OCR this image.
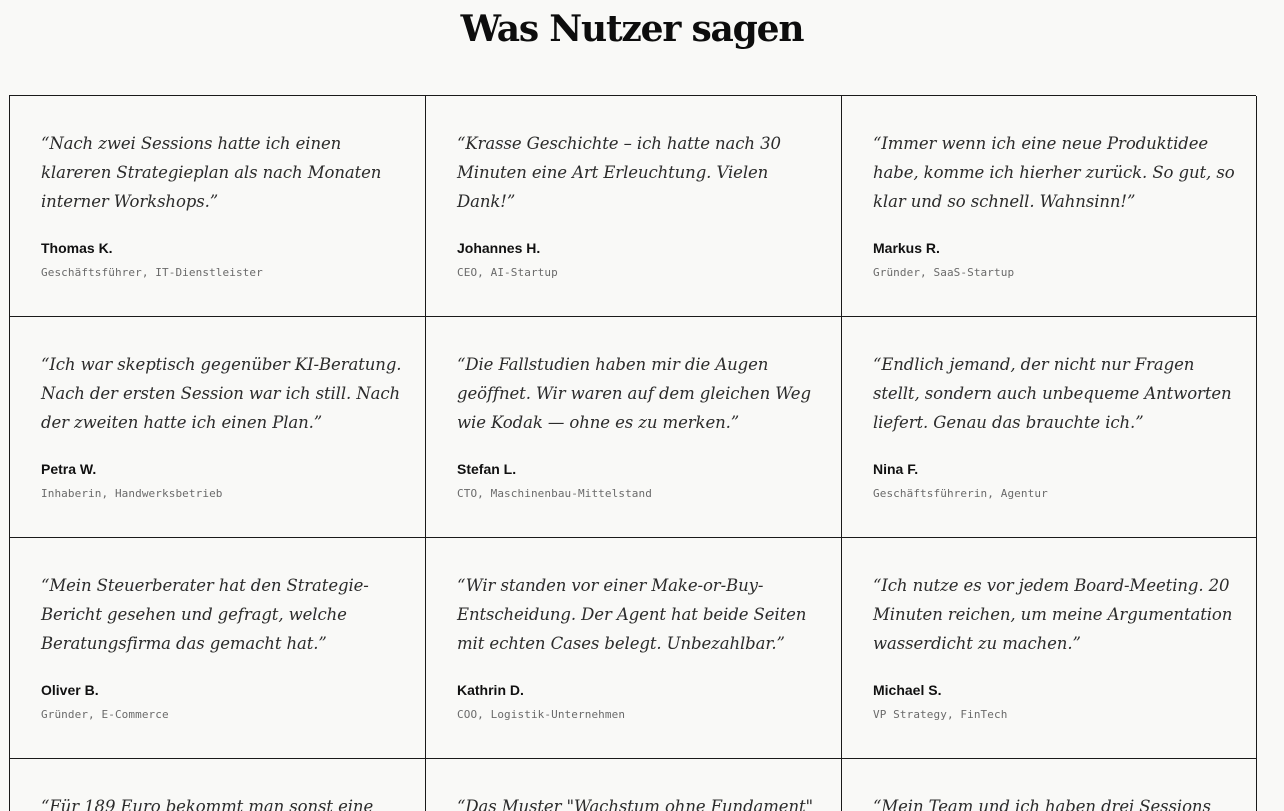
Was Nutzer sagen

“Nach zwei Sessions hatte ich einen klareren Strategieplan als nach Monaten interner Workshops.”

Thomas K.

Geschäftsführer, IT-Dienstleister

“Krasse Geschichte – ich hatte nach 30 Minuten eine Art Erleuchtung. Vielen Dank!”

Johannes H.

CEO, AI-Startup

“Immer wenn ich eine neue Produktidee habe, komme ich hierher zurück. So gut, so klar und so schnell. Wahnsinn!”

Markus R.

Gründer, SaaS-Startup

“Ich war skeptisch gegenüber KI-Beratung. Nach der ersten Session war ich still. Nach der zweiten hatte ich einen Plan.”

Petra W.

Inhaberin, Handwerksbetrieb

“Die Fallstudien haben mir die Augen geöffnet. Wir waren auf dem gleichen Weg wie Kodak — ohne es zu merken.”

Stefan L.

CTO, Maschinenbau-Mittelstand

“Endlich jemand, der nicht nur Fragen stellt, sondern auch unbequeme Antworten liefert. Genau das brauchte ich.”

Nina F.

Geschäftsführerin, Agentur

“Mein Steuerberater hat den Strategie-Bericht gesehen und gefragt, welche Beratungsfirma das gemacht hat.”

Oliver B.

Gründer, E-Commerce

“Wir standen vor einer Make-or-Buy-Entscheidung. Der Agent hat beide Seiten mit echten Cases belegt. Unbezahlbar.”

Kathrin D.

COO, Logistik-Unternehmen

“Ich nutze es vor jedem Board-Meeting. 20 Minuten reichen, um meine Argumentation wasserdicht zu machen.”

Michael S.

VP Strategy, FinTech

“Für 189 Euro bekommt man sonst eine	“Das Muster "Wachstum ohne Fundament"	“Mein Team und ich haben drei Sessions
